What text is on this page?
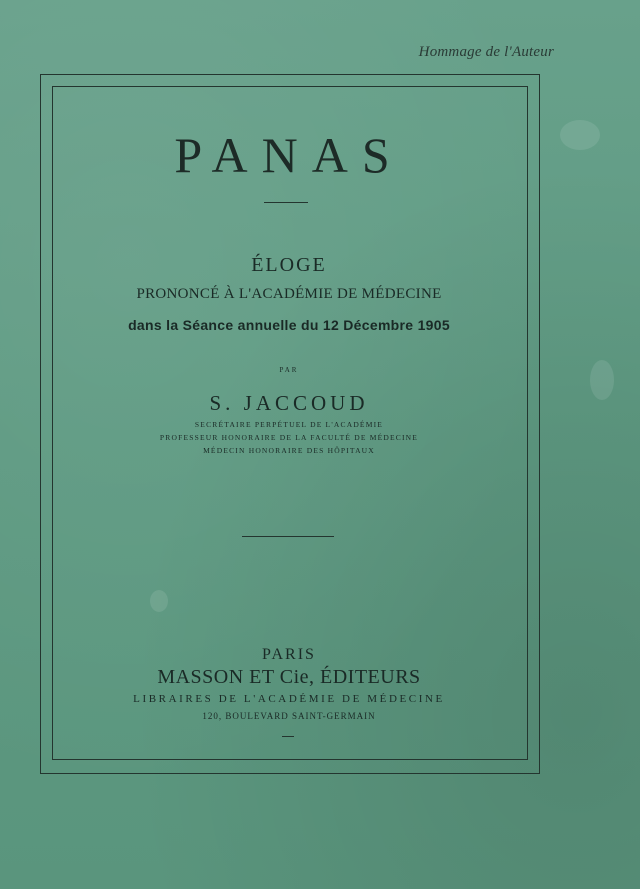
Hommage de l'Auteur
PANAS
ÉLOGE
PRONONCÉ À L'ACADÉMIE DE MÉDECINE
dans la Séance annuelle du 12 Décembre 1905
PAR
S. JACCOUD
SECRÉTAIRE PERPÉTUEL DE L'ACADÉMIE
PROFESSEUR HONORAIRE DE LA FACULTÉ DE MÉDECINE
MÉDECIN HONORAIRE DES HÔPITAUX
PARIS
MASSON ET Cie, ÉDITEURS
LIBRAIRES DE L'ACADÉMIE DE MÉDECINE
120, BOULEVARD SAINT-GERMAIN
